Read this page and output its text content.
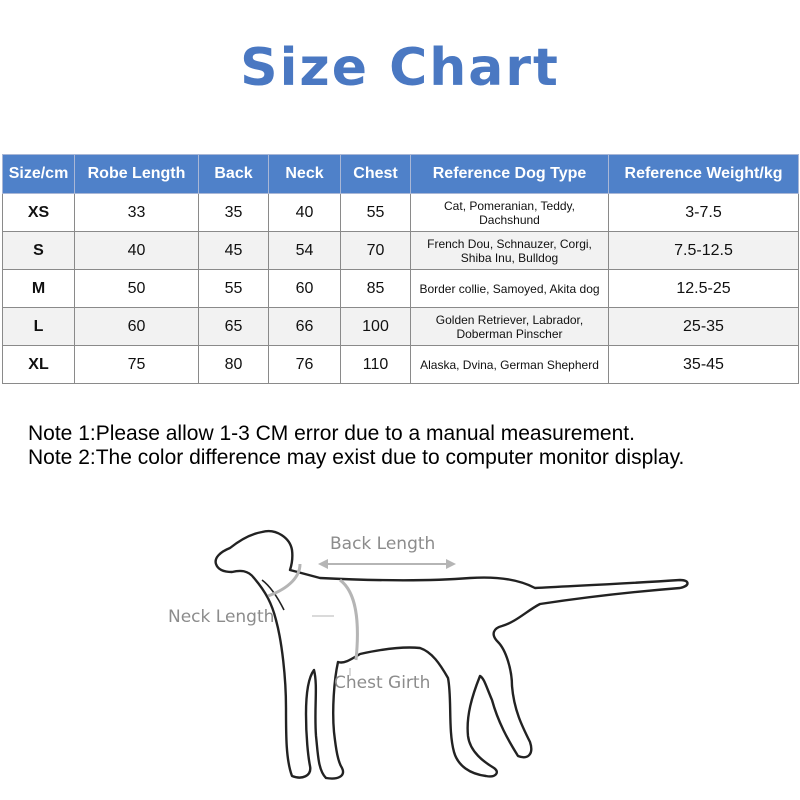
Size Chart
Size/cm	Robe Length	Back	Neck	Chest	Reference Dog Type	Reference Weight/kg
XS	33	35	40	55	Cat, Pomeranian, Teddy, Dachshund	3-7.5
S	40	45	54	70	French Dou, Schnauzer, Corgi, Shiba Inu, Bulldog	7.5-12.5
M	50	55	60	85	Border collie, Samoyed, Akita dog	12.5-25
L	60	65	66	100	Golden Retriever, Labrador, Doberman Pinscher	25-35
XL	75	80	76	110	Alaska, Dvina, German Shepherd	35-45
Note 1:Please allow 1-3 CM error due to a manual measurement.
Note 2:The color difference may exist due to computer monitor display.
Back Length
Neck Length
Chest Girth
